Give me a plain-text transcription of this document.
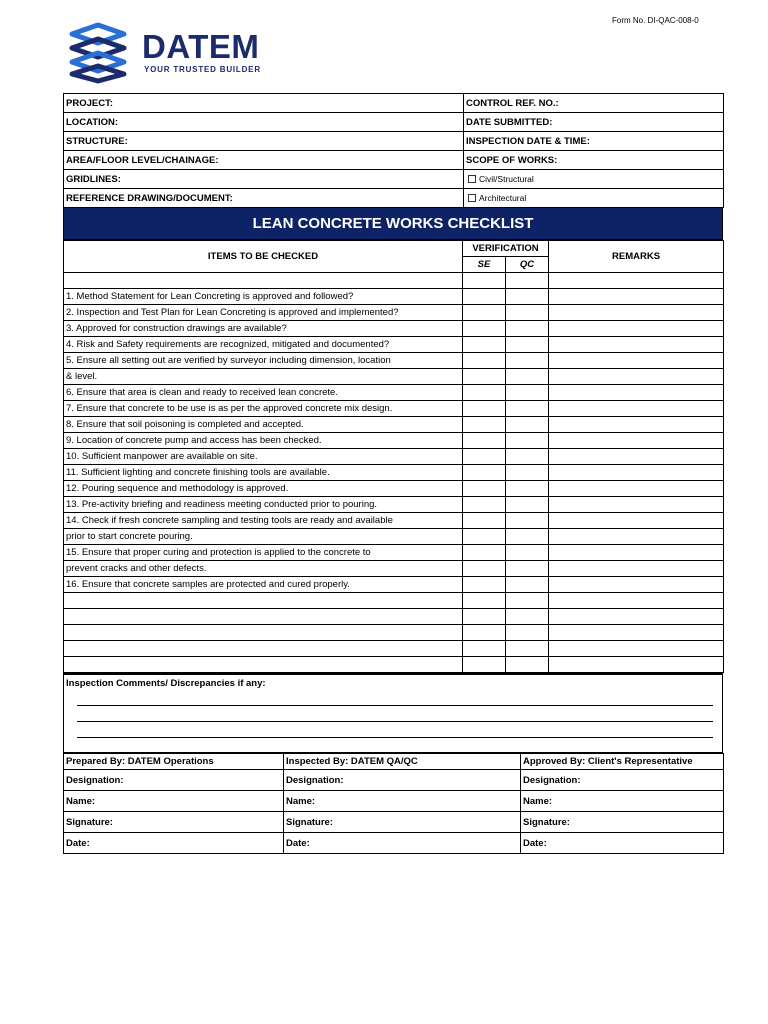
Form No. DI-QAC-008-0
DATEM
YOUR TRUSTED BUILDER
PROJECT:	CONTROL REF. NO.:
LOCATION:	DATE SUBMITTED:
STRUCTURE:	INSPECTION DATE & TIME:
AREA/FLOOR LEVEL/CHAINAGE:	SCOPE OF WORKS:
GRIDLINES:	Civil/Structural
REFERENCE DRAWING/DOCUMENT:	Architectural
LEAN CONCRETE WORKS CHECKLIST
ITEMS TO BE CHECKED	VERIFICATION		REMARKS
	SE	QC	

1. Method Statement for Lean Concreting is approved and followed?			
2. Inspection and Test Plan for Lean Concreting is approved and implemented?			
3. Approved for construction drawings are available?			
4. Risk and Safety requirements are recognized, mitigated and documented?			
5. Ensure all setting out are verified by surveyor including dimension, location			
& level.			
6. Ensure that area is clean and ready to received lean concrete.			
7. Ensure that concrete to be use is as per the approved concrete mix design.			
8. Ensure that soil poisoning is completed and accepted.			
9. Location of concrete pump and access has been checked.			
10. Sufficient manpower are available on site.			
11. Sufficient lighting and concrete finishing tools are available.			
12. Pouring sequence and methodology is approved.			
13. Pre-activity briefing and readiness meeting conducted prior to pouring.			
14. Check if fresh concrete sampling and testing tools are ready and available			
prior to start concrete pouring.			
15. Ensure that proper curing and protection is applied to the concrete to			
prevent cracks and other defects.			
16. Ensure that concrete samples are protected and cured properly.			

Inspection Comments/ Discrepancies if any:
Prepared By: DATEM Operations	Inspected By: DATEM QA/QC	Approved By: Client's Representative
Designation:	Designation:	Designation:
Name:	Name:	Name:
Signature:	Signature:	Signature:
Date:	Date:	Date:
